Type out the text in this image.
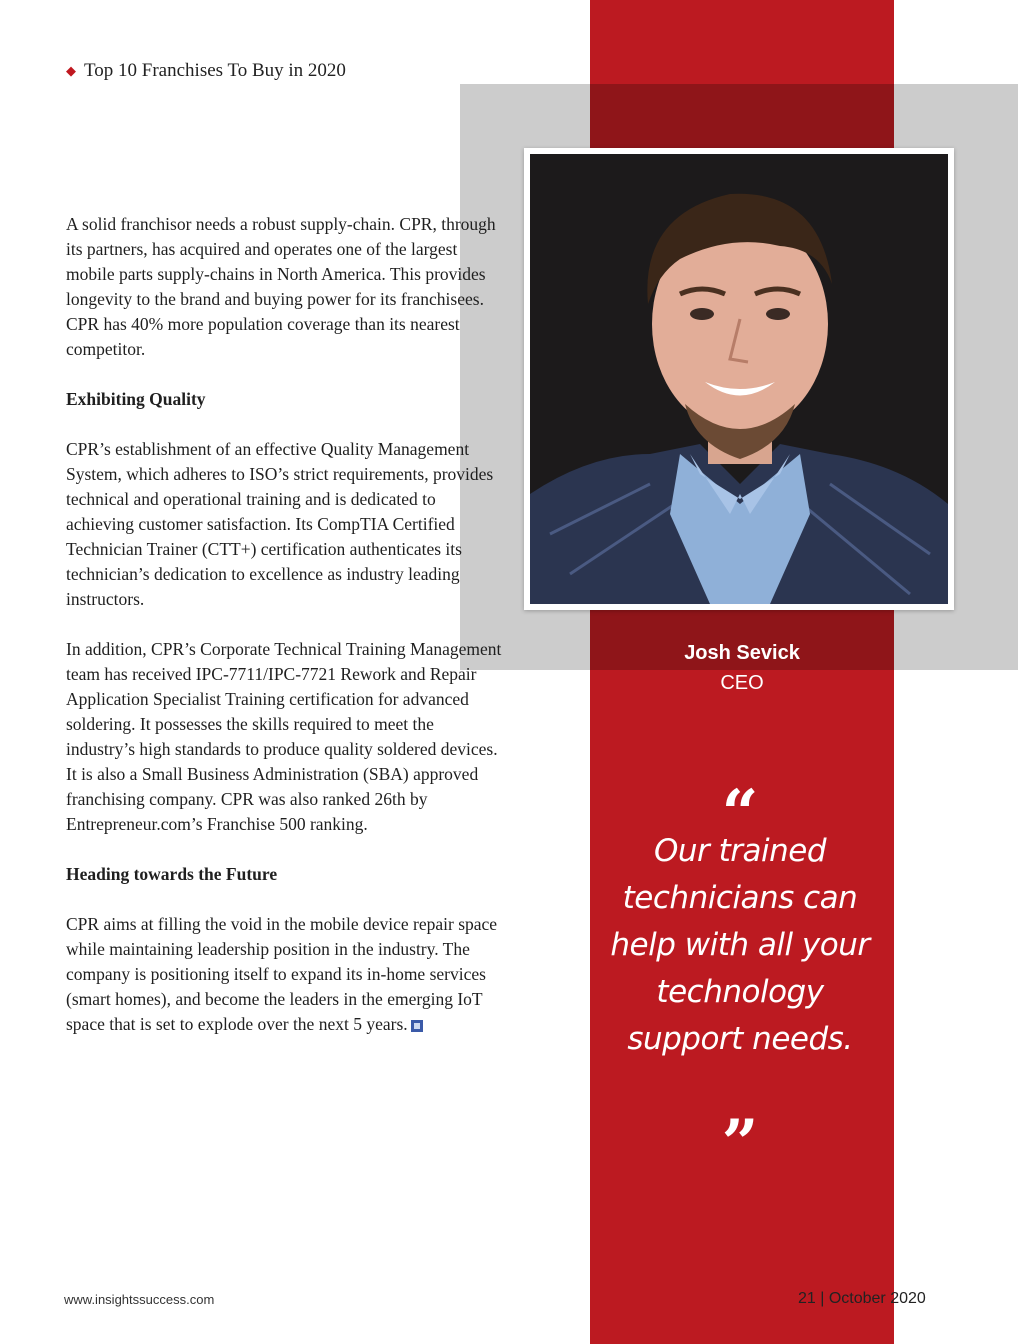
◆ Top 10 Franchises To Buy in 2020
Josh Sevick
CEO
“
Our trained technicians can help with all your technology support needs.
”

A solid franchisor needs a robust supply-chain. CPR, through its partners, has acquired and operates one of the largest mobile parts supply-chains in North America. This provides longevity to the brand and buying power for its franchisees. CPR has 40% more population coverage than its nearest competitor.

Exhibiting Quality

CPR’s establishment of an effective Quality Management System, which adheres to ISO’s strict requirements, provides technical and operational training and is dedicated to achieving customer satisfaction. Its CompTIA Certified Technician Trainer (CTT+) certification authenticates its technician’s dedication to excellence as industry leading instructors.

In addition, CPR’s Corporate Technical Training Management team has received IPC-7711/IPC-7721 Rework and Repair Application Specialist Training certification for advanced soldering. It possesses the skills required to meet the industry’s high standards to produce quality soldered devices. It is also a Small Business Administration (SBA) approved franchising company. CPR was also ranked 26th by Entrepreneur.com’s Franchise 500 ranking.

Heading towards the Future

CPR aims at filling the void in the mobile device repair space while maintaining leadership position in the industry. The company is positioning itself to expand its in-home services (smart homes), and become the leaders in the emerging IoT space that is set to explode over the next 5 years.

www.insightssuccess.com	21 | October 2020
